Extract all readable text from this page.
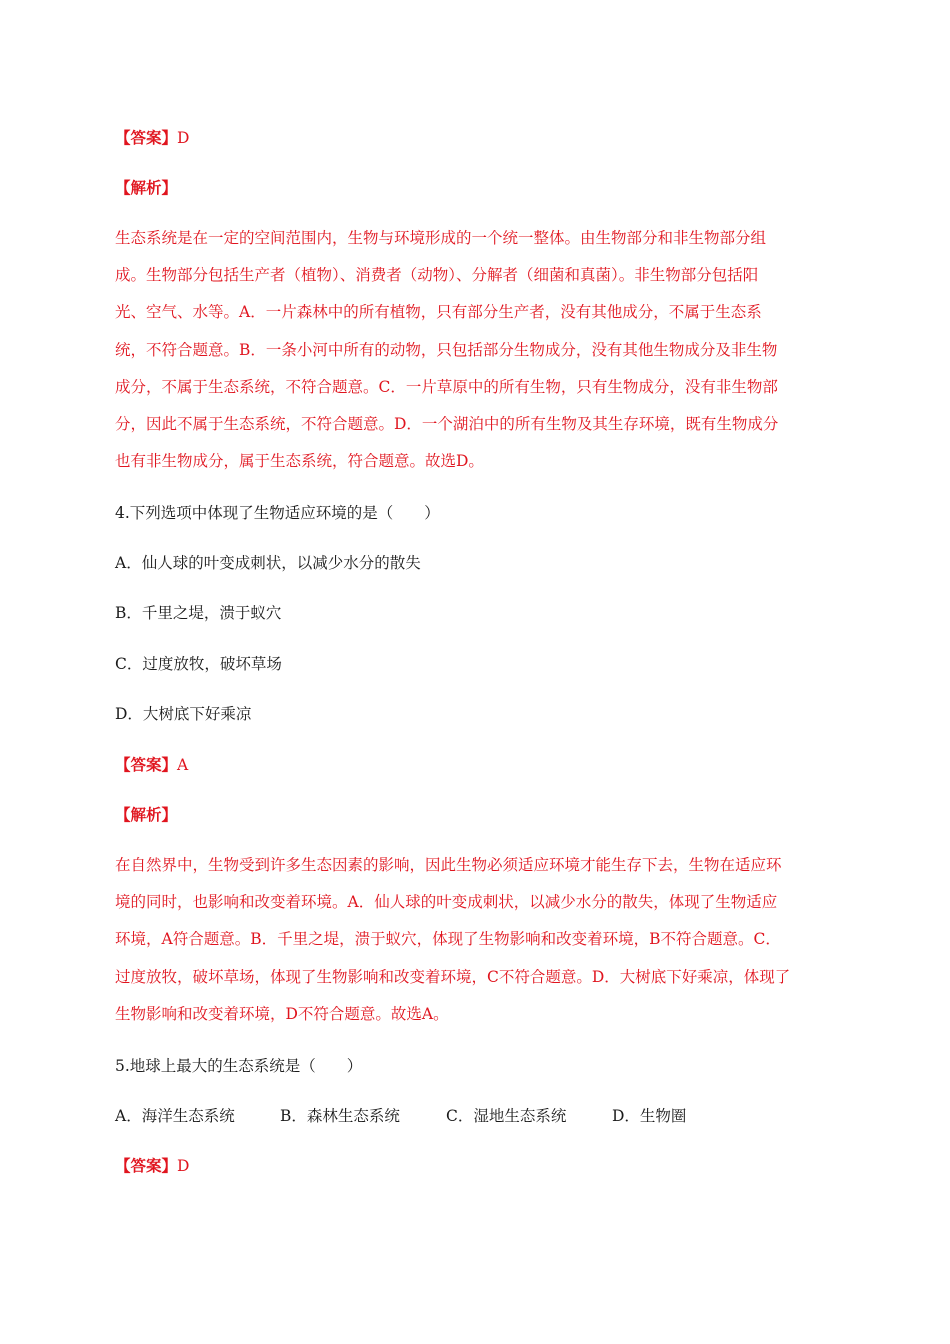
【答案】D
【解析】
生态系统是在一定的空间范围内，生物与环境形成的一个统一整体。由生物部分和非生物部分组
成。生物部分包括生产者（植物）、消费者（动物）、分解者（细菌和真菌）。非生物部分包括阳
光、空气、水等。A．一片森林中的所有植物，只有部分生产者，没有其他成分，不属于生态系
统，不符合题意。B．一条小河中所有的动物，只包括部分生物成分，没有其他生物成分及非生物
成分，不属于生态系统，不符合题意。C．一片草原中的所有生物，只有生物成分，没有非生物部
分，因此不属于生态系统，不符合题意。D．一个湖泊中的所有生物及其生存环境，既有生物成分
也有非生物成分，属于生态系统，符合题意。故选D。
4.下列选项中体现了生物适应环境的是（　　）
A．仙人球的叶变成刺状，以减少水分的散失
B．千里之堤，溃于蚁穴
C．过度放牧，破坏草场
D．大树底下好乘凉
【答案】A
【解析】
在自然界中，生物受到许多生态因素的影响，因此生物必须适应环境才能生存下去，生物在适应环
境的同时，也影响和改变着环境。A．仙人球的叶变成刺状，以减少水分的散失，体现了生物适应
环境，A符合题意。B．千里之堤，溃于蚁穴，体现了生物影响和改变着环境，B不符合题意。C．
过度放牧，破坏草场，体现了生物影响和改变着环境，C不符合题意。D．大树底下好乘凉，体现了
生物影响和改变着环境，D不符合题意。故选A。
5.地球上最大的生态系统是（　　）
A．海洋生态系统	B．森林生态系统	C．湿地生态系统	D．生物圈
【答案】D
